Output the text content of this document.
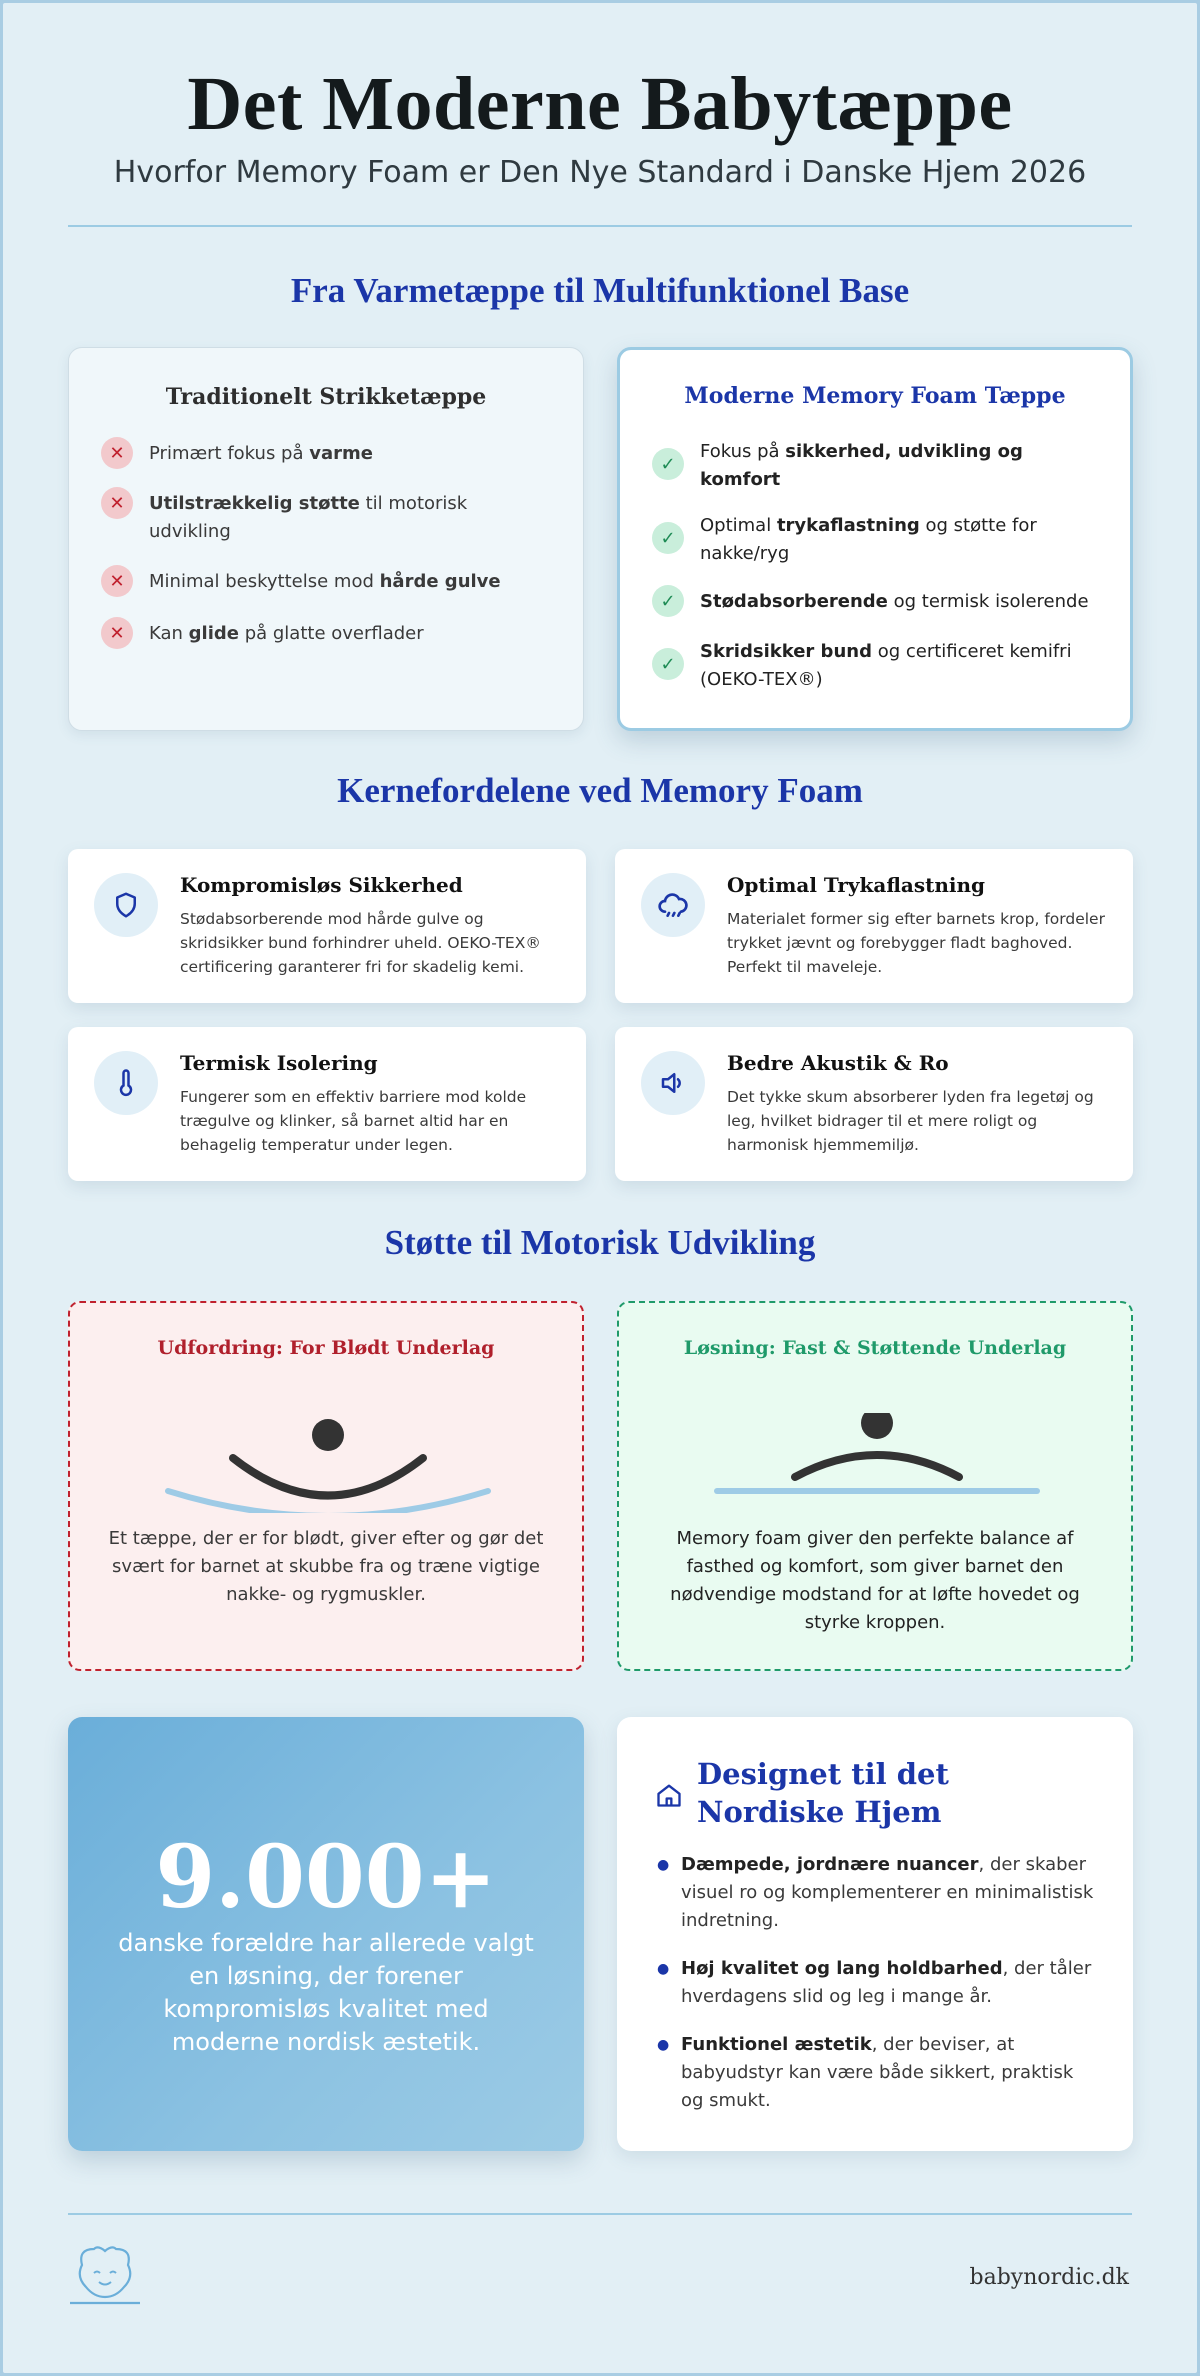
Det Moderne Babytæppe
Hvorfor Memory Foam er Den Nye Standard i Danske Hjem 2026
Fra Varmetæppe til Multifunktionel Base
Traditionelt Strikketæppe
✕	Primært fokus på varme
✕	Utilstrækkelig støtte til motorisk udvikling
✕	Minimal beskyttelse mod hårde gulve
✕	Kan glide på glatte overflader
Moderne Memory Foam Tæppe
✓
Fokus på sikkerhed, udvikling og komfort
✓
Optimal trykaflastning og støtte for nakke/ryg
✓	Stødabsorberende og termisk isolerende
✓
Skridsikker bund og certificeret kemifri (OEKO-TEX®)
Kernefordelene ved Memory Foam
Kompromisløs Sikkerhed
Stødabsorberende mod hårde gulve og skridsikker bund forhindrer uheld. OEKO-TEX® certificering garanterer fri for skadelig kemi.
Optimal Trykaflastning
Materialet former sig efter barnets krop, fordeler trykket jævnt og forebygger fladt baghoved. Perfekt til maveleje.
Termisk Isolering
Fungerer som en effektiv barriere mod kolde trægulve og klinker, så barnet altid har en behagelig temperatur under legen.
Bedre Akustik & Ro
Det tykke skum absorberer lyden fra legetøj og leg, hvilket bidrager til et mere roligt og harmonisk hjemmemiljø.
Støtte til Motorisk Udvikling
Udfordring: For Blødt Underlag
Et tæppe, der er for blødt, giver efter og gør det svært for barnet at skubbe fra og træne vigtige nakke- og rygmuskler.
Løsning: Fast & Støttende Underlag
Memory foam giver den perfekte balance af fasthed og komfort, som giver barnet den nødvendige modstand for at løfte hovedet og styrke kroppen.
9.000+
danske forældre har allerede valgt en løsning, der forener kompromisløs kvalitet med moderne nordisk æstetik.
Designet til det Nordiske Hjem
● Dæmpede, jordnære nuancer, der skaber visuel ro og komplementerer en minimalistisk indretning.
● Høj kvalitet og lang holdbarhed, der tåler hverdagens slid og leg i mange år.
● Funktionel æstetik, der beviser, at babyudstyr kan være både sikkert, praktisk og smukt.
babynordic.dk
